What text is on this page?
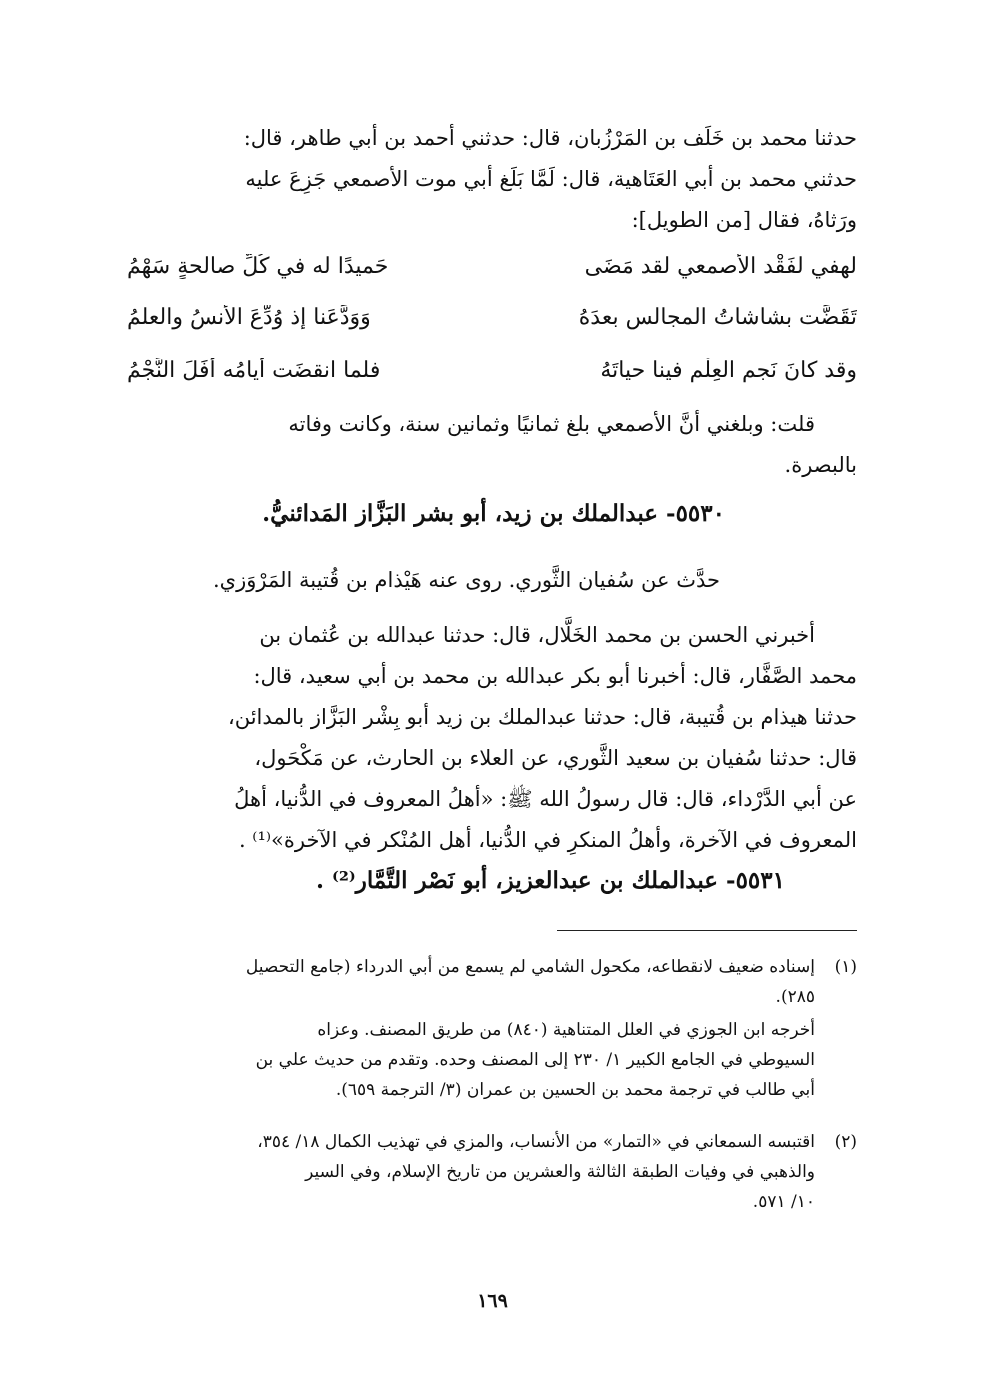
حدثنا محمد بن خَلَف بن المَرْزُبان، قال: حدثني أحمد بن أبي طاهر، قال:
حدثني محمد بن أبي العَتَاهية، قال: لَمَّا بَلَغ أبي موت الأصمعي جَزِعَ عليه
ورَثاهُ، فقال [من الطويل]:
لهفي لفَقْد الأصمعي لقد مَضَى
حَميدًا له في كُلِّ صالحةٍ سَهْمُ
تَقَضَّت بشاشاتُ المجالس بعدَهُ
وَوَدَّعَنا إذ وُدِّعَ الأنسُ والعلمُ
وقد كانَ نَجم العِلْم فينا حياتَهُ
فلما انقضَت أيامُه أفَلَ النَّجْمُ
قلت: وبلغني أنَّ الأصمعي بلغ ثمانيًا وثمانين سنة، وكانت وفاته
بالبصرة.
٥٥٣٠- عبدالملك بن زيد، أبو بشر البَزَّاز المَدائنيُّ.
حدَّث عن سُفيان الثَّوري. روى عنه هَيْذام بن قُتيبة المَرْوَزي.
أخبرني الحسن بن محمد الخَلَّال، قال: حدثنا عبدالله بن عُثمان بن
محمد الصَّفَّار، قال: أخبرنا أبو بكر عبدالله بن محمد بن أبي سعيد، قال:
حدثنا هيذام بن قُتيبة، قال: حدثنا عبدالملك بن زيد أبو بِشْر البَزَّاز بالمدائن،
قال: حدثنا سُفيان بن سعيد الثَّوري، عن العلاء بن الحارث، عن مَكْحَول،
عن أبي الدَّرْداء، قال: قال رسولُ الله ﷺ: «أهلُ المعروف في الدُّنيا، أهلُ
المعروف في الآخرة، وأهلُ المنكرِ في الدُّنيا، أهل المُنْكر في الآخرة»⁽¹⁾ .
٥٥٣١- عبدالملك بن عبدالعزيز، أبو نَصْر التَّمَّار⁽²⁾ .
(١)
إسناده ضعيف لانقطاعه، مكحول الشامي لم يسمع من أبي الدرداء (جامع التحصيل
٢٨٥).
أخرجه ابن الجوزي في العلل المتناهية (٨٤٠) من طريق المصنف. وعزاه
السيوطي في الجامع الكبير ١/ ٢٣٠ إلى المصنف وحده. وتقدم من حديث علي بن
أبي طالب في ترجمة محمد بن الحسين بن عمران (٣/ الترجمة ٦٥٩).
(٢)
اقتبسه السمعاني في «التمار» من الأنساب، والمزي في تهذيب الكمال ١٨/ ٣٥٤،
والذهبي في وفيات الطبقة الثالثة والعشرين من تاريخ الإسلام، وفي السير
١٠/ ٥٧١.
١٦٩
